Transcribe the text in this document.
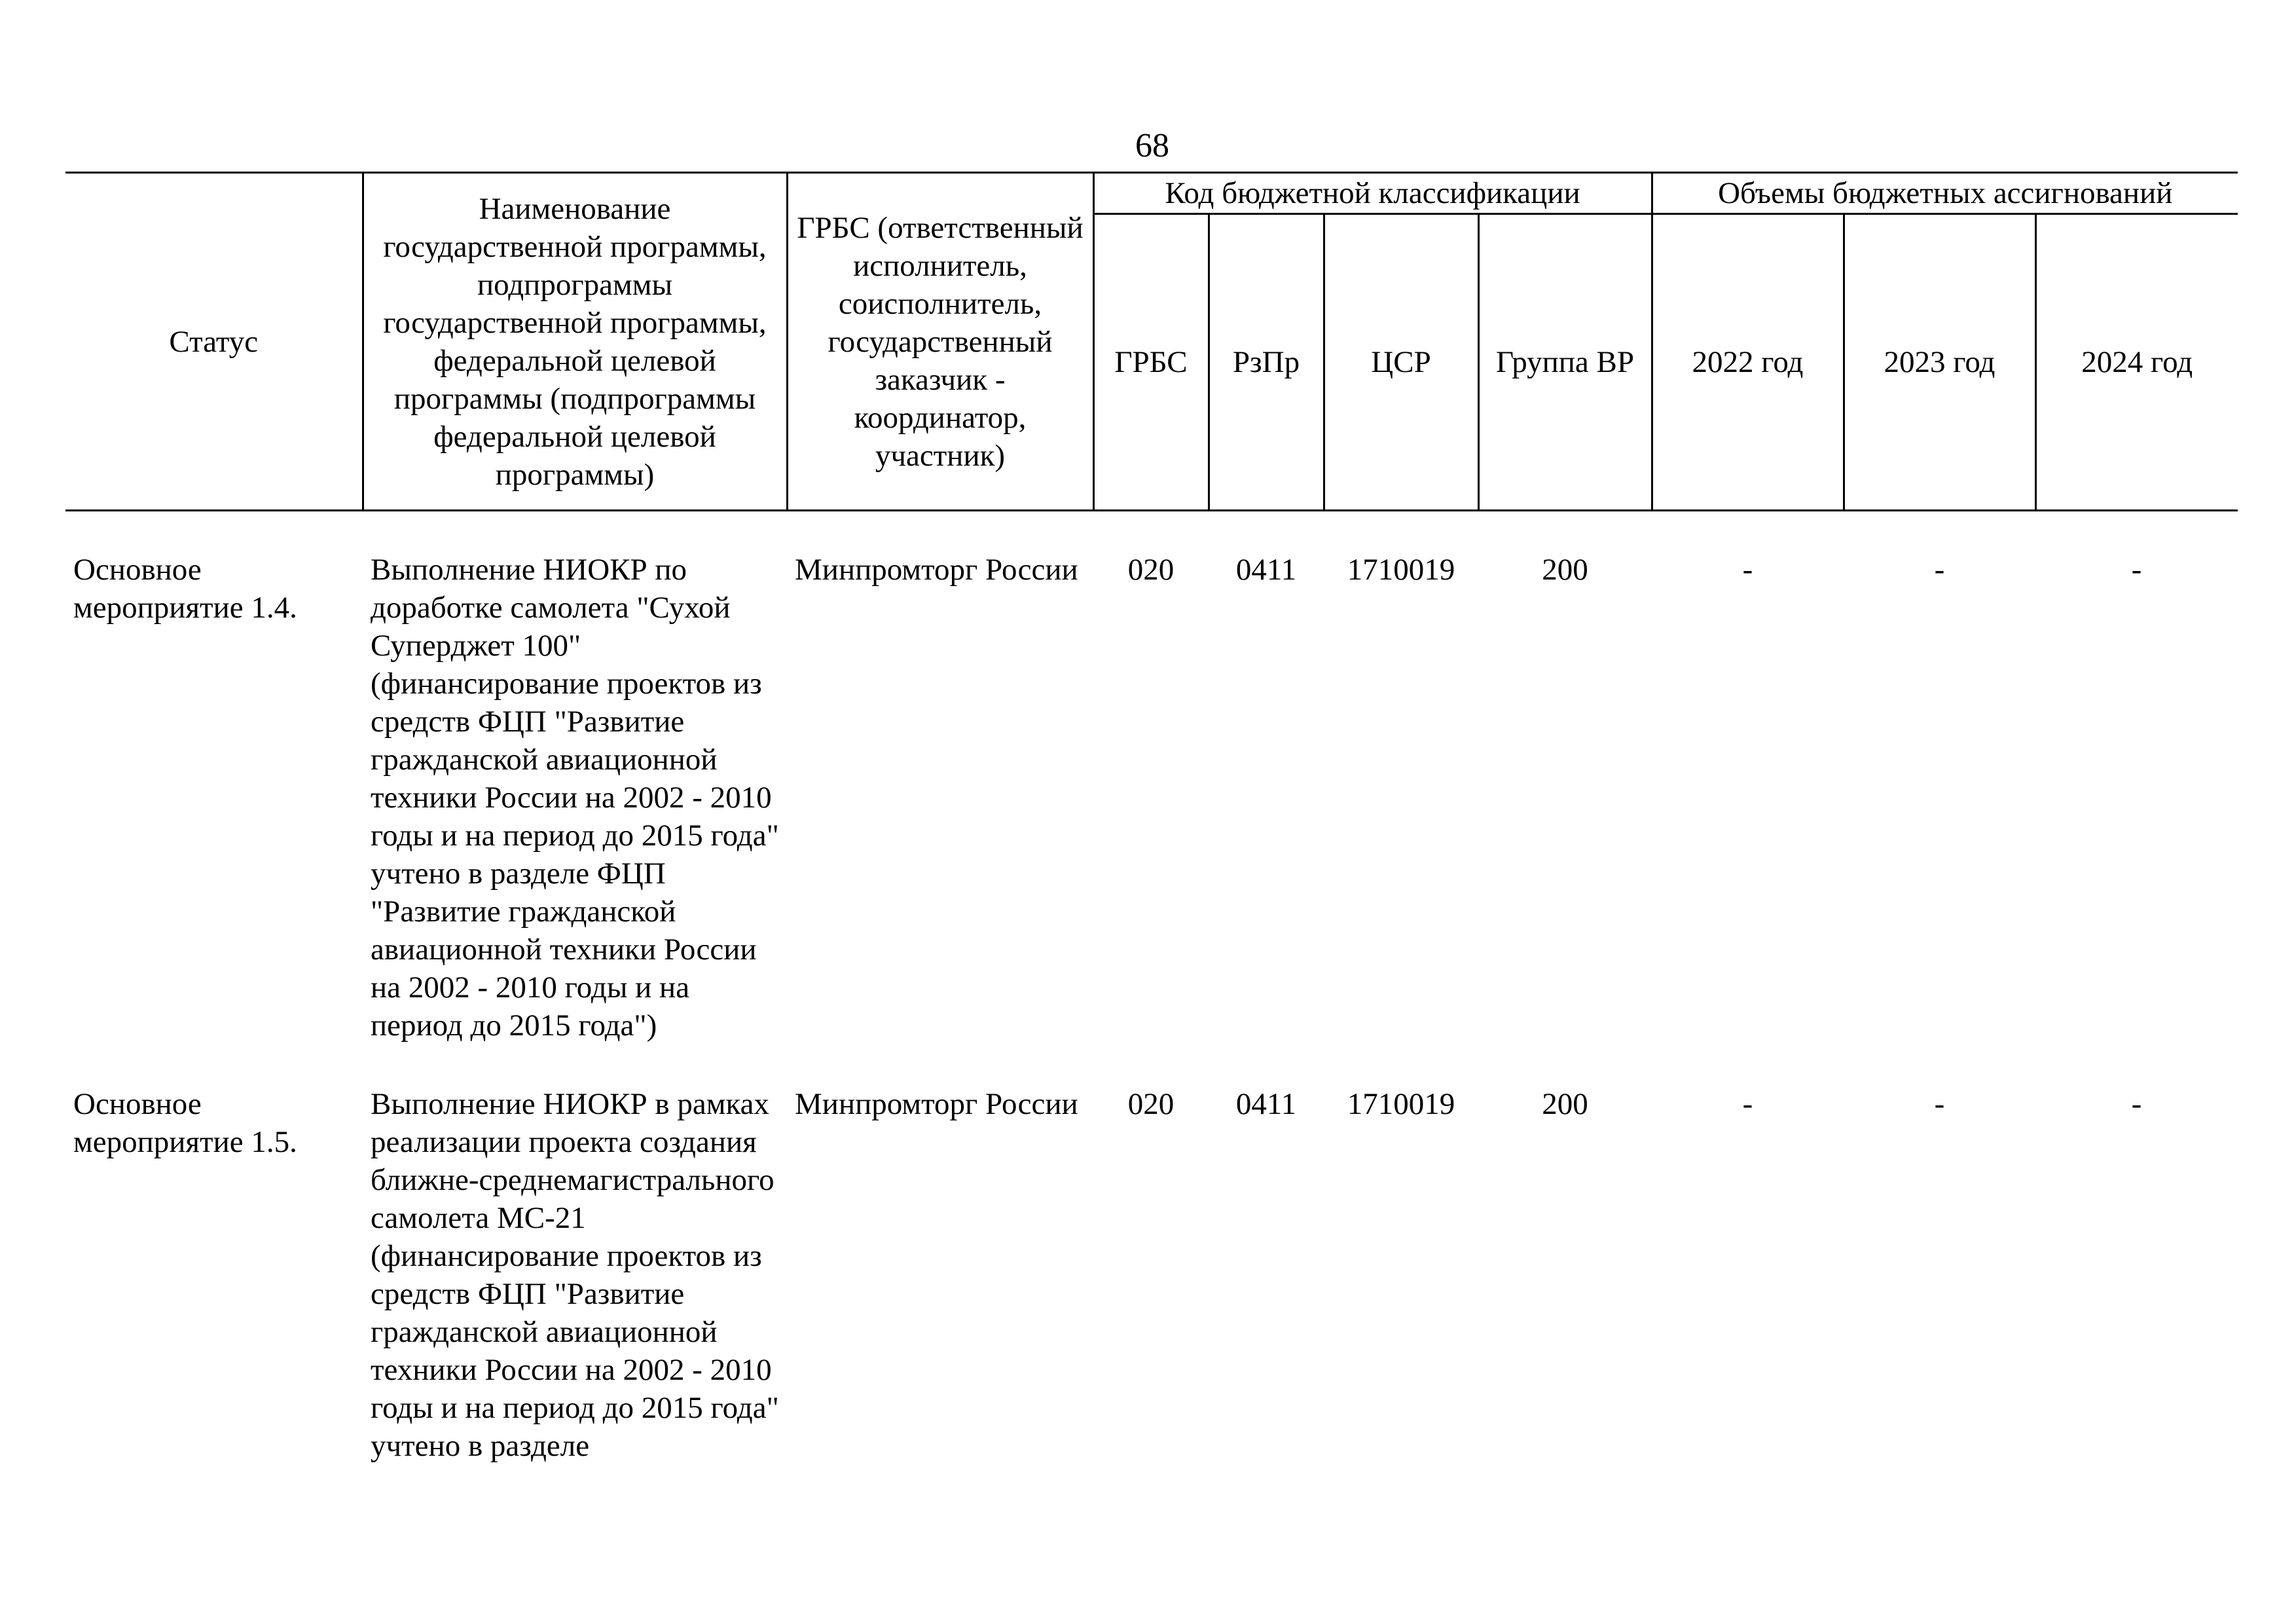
68
Статус	Наименование государственной программы, подпрограммы государственной программы, федеральной целевой программы (подпрограммы федеральной целевой программы)	ГРБС (ответственный исполнитель, соисполнитель, государственный заказчик - координатор, участник)	Код бюджетной классификации				Объемы бюджетных ассигнований		
			ГРБС	РзПр	ЦСР	Группа ВР	2022 год	2023 год	2024 год
Основное мероприятие 1.4.	Выполнение НИОКР по доработке самолета "Сухой Суперджет 100" (финансирование проектов из средств ФЦП "Развитие гражданской авиационной техники России на 2002 - 2010 годы и на период до 2015 года" учтено в разделе ФЦП "Развитие гражданской авиационной техники России на 2002 - 2010 годы и на период до 2015 года")	Минпромторг России	020	0411	1710019	200	-	-	-
Основное мероприятие 1.5.	Выполнение НИОКР в рамках реализации проекта создания ближне-среднемагистрального самолета МС-21 (финансирование проектов из средств ФЦП "Развитие гражданской авиационной техники России на 2002 - 2010 годы и на период до 2015 года" учтено в разделе	Минпромторг России	020	0411	1710019	200	-	-	-
